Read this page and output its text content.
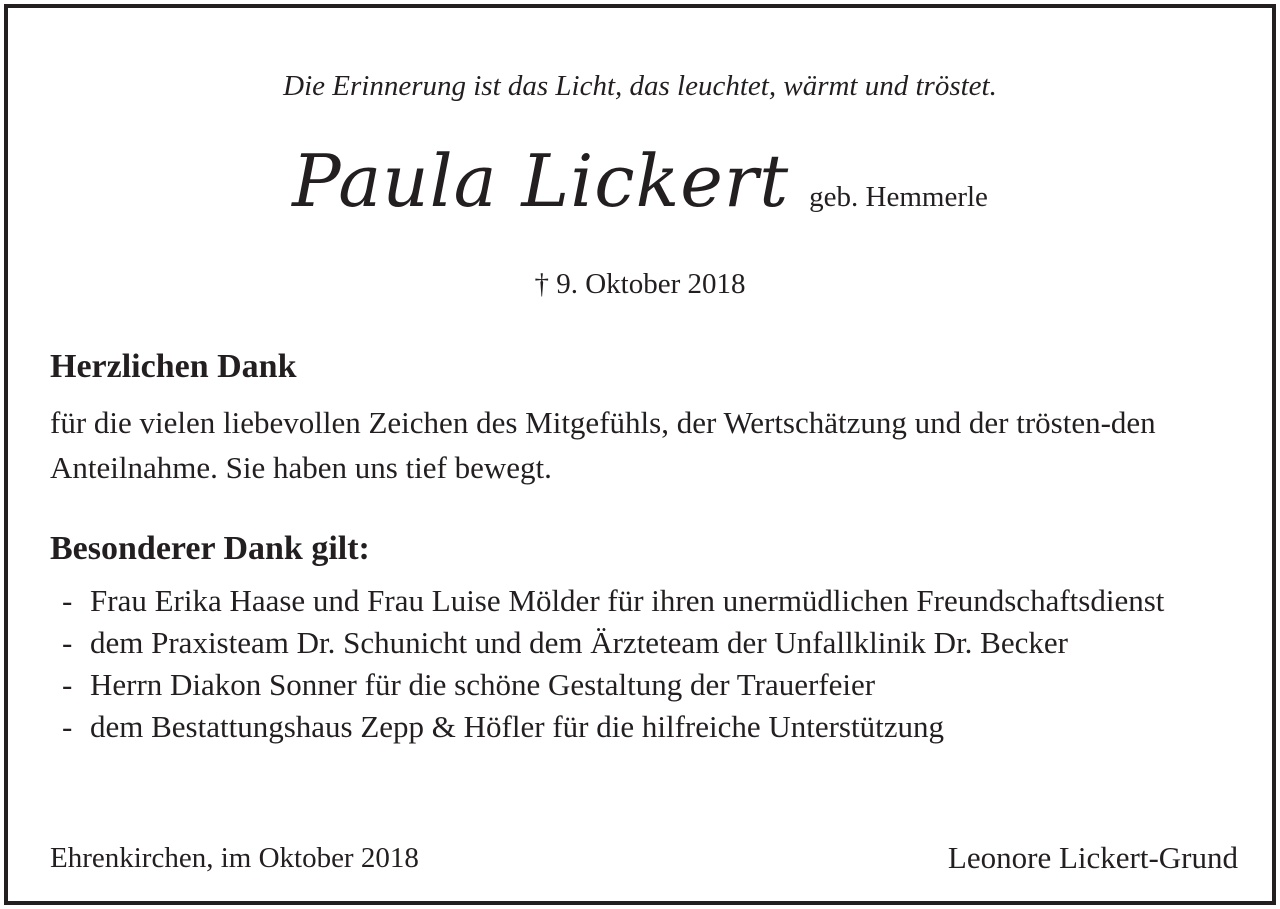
Die Erinnerung ist das Licht, das leuchtet, wärmt und tröstet.
Paula Lickert geb. Hemmerle
† 9. Oktober 2018
Herzlichen Dank
für die vielen liebevollen Zeichen des Mitgefühls, der Wertschätzung und der trösten-den Anteilnahme. Sie haben uns tief bewegt.
Besonderer Dank gilt:
- Frau Erika Haase und Frau Luise Mölder für ihren unermüdlichen Freundschaftsdienst
- dem Praxisteam Dr. Schunicht und dem Ärzteteam der Unfallklinik Dr. Becker
- Herrn Diakon Sonner für die schöne Gestaltung der Trauerfeier
- dem Bestattungshaus Zepp & Höfler für die hilfreiche Unterstützung
Ehrenkirchen, im Oktober 2018	Leonore Lickert-Grund
